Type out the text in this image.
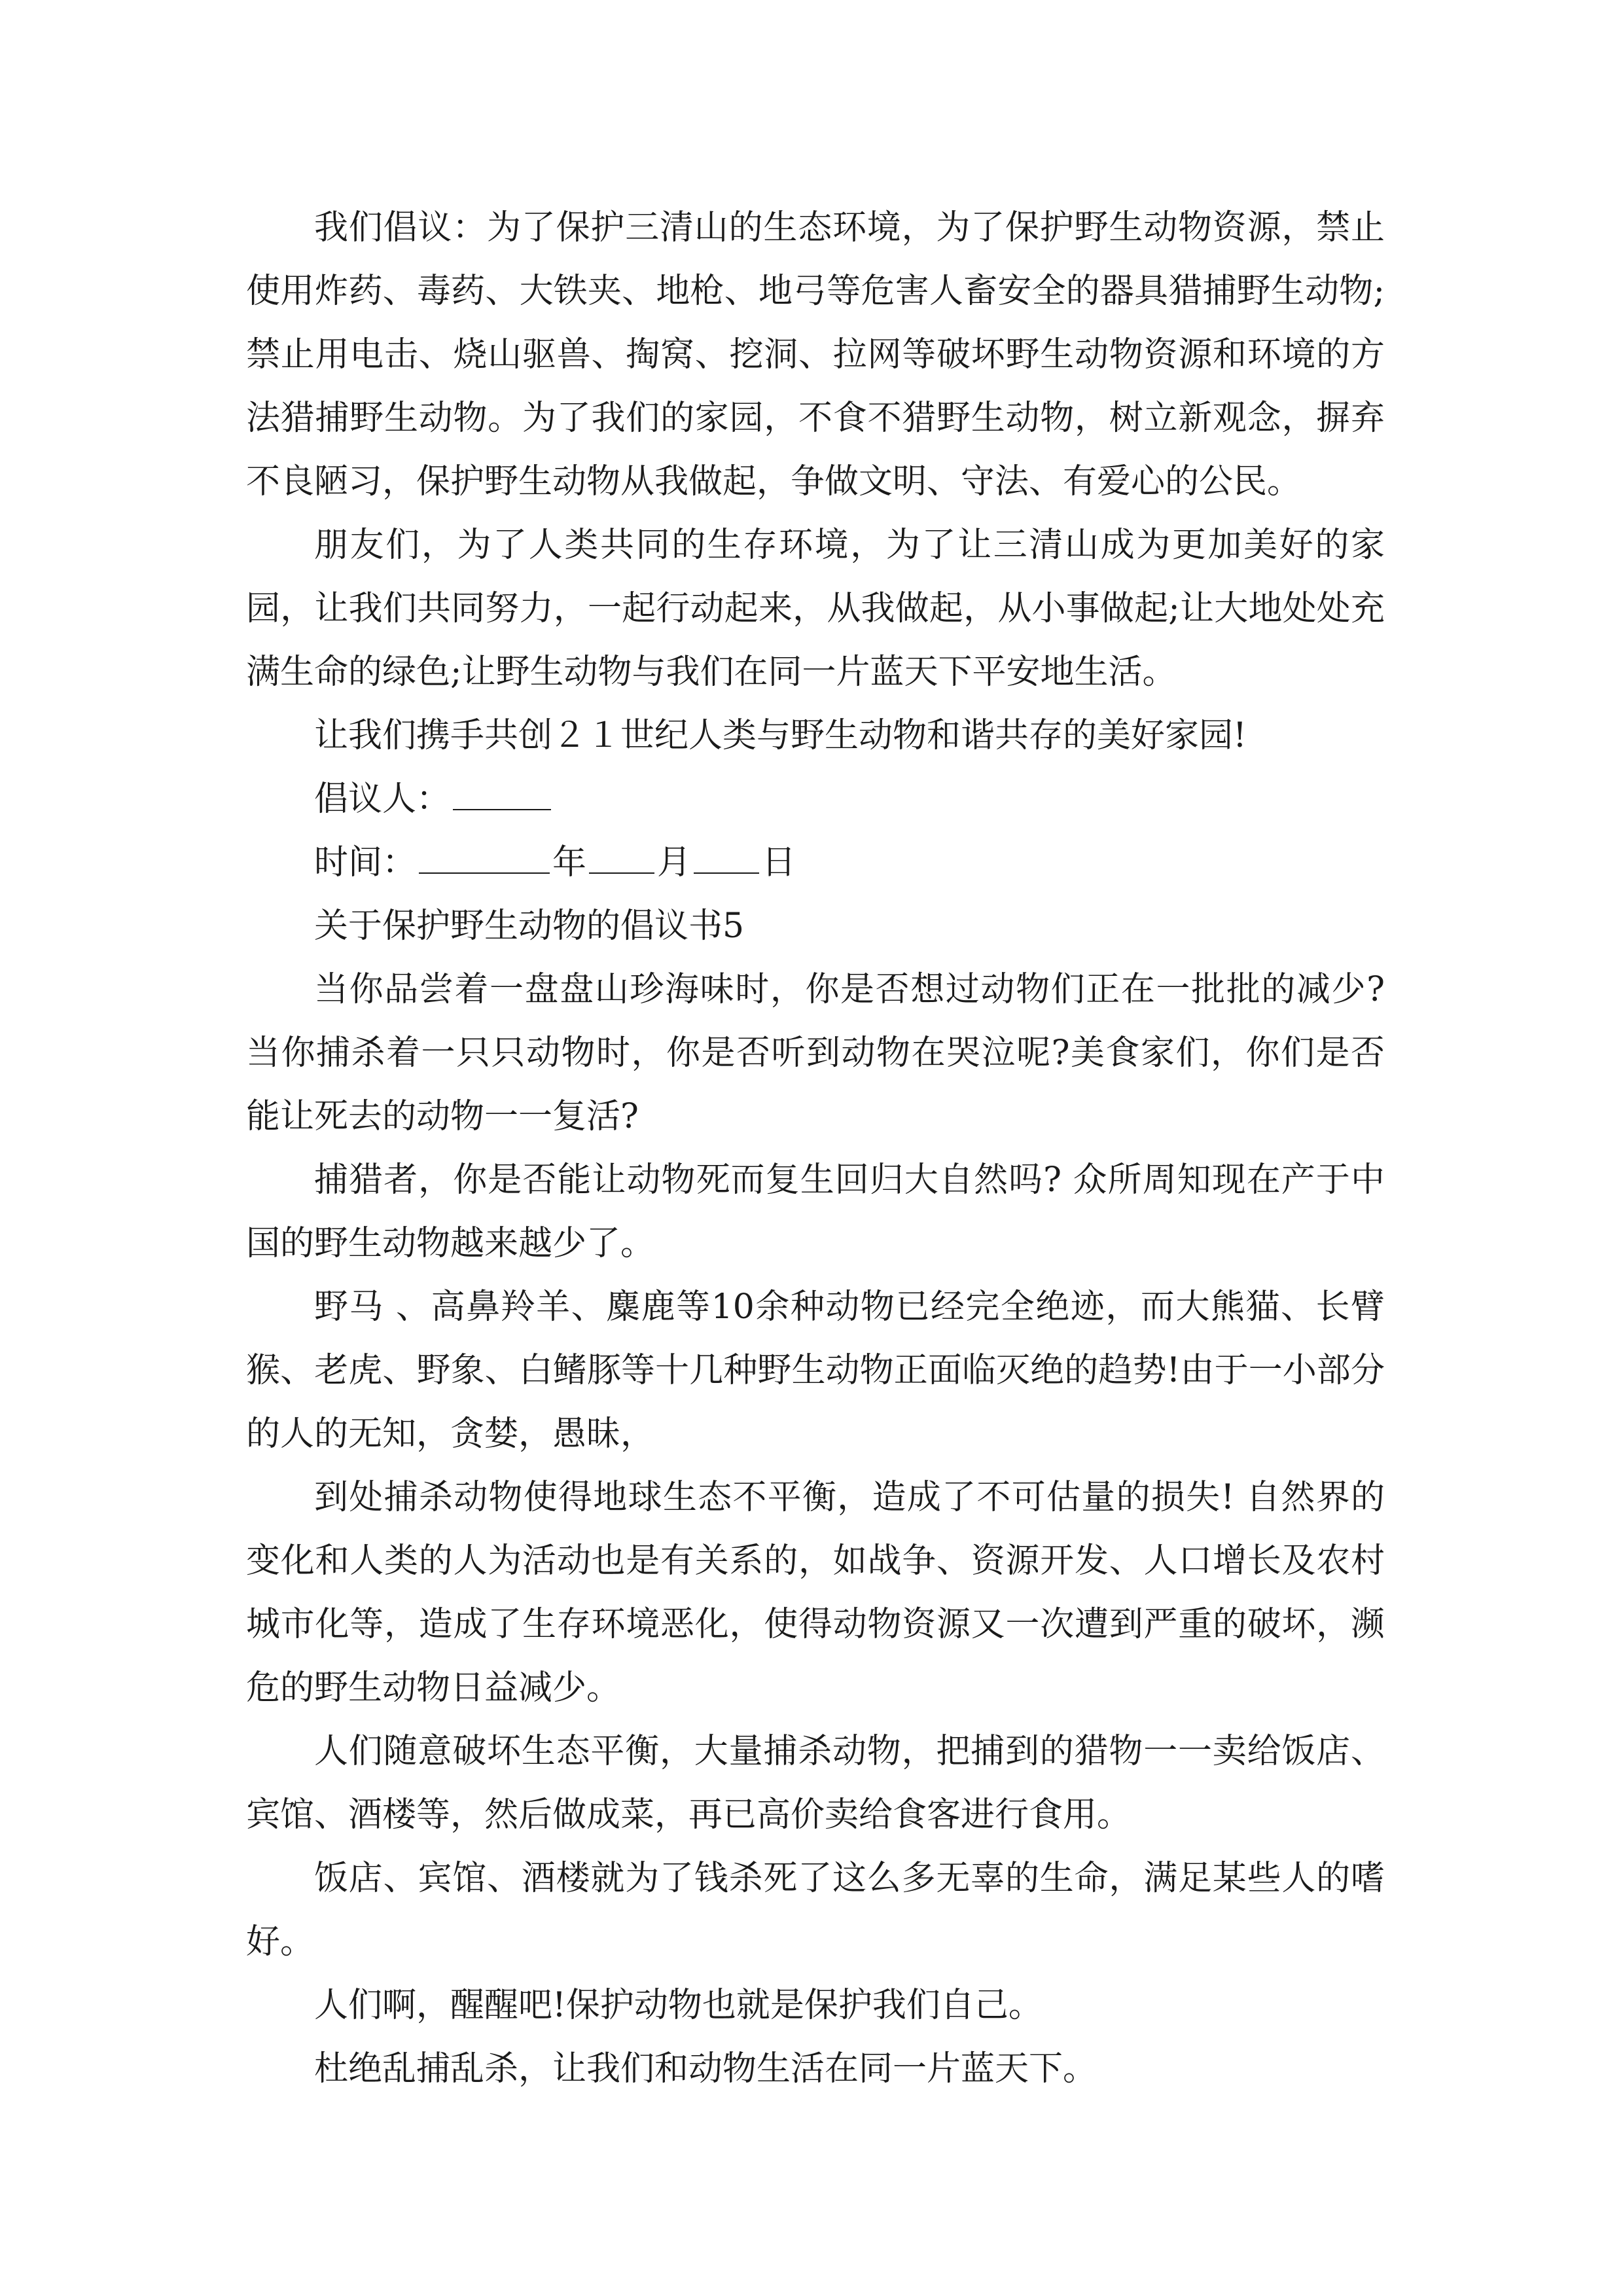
我们倡议：为了保护三清山的生态环境，为了保护野生动物资源，禁止使用炸药、毒药、大铁夹、地枪、地弓等危害人畜安全的器具猎捕野生动物;禁止用电击、烧山驱兽、掏窝、挖洞、拉网等破坏野生动物资源和环境的方法猎捕野生动物。为了我们的家园，不食不猎野生动物，树立新观念，摒弃不良陋习，保护野生动物从我做起，争做文明、守法、有爱心的公民。

朋友们，为了人类共同的生存环境，为了让三清山成为更加美好的家园，让我们共同努力，一起行动起来，从我做起，从小事做起;让大地处处充满生命的绿色;让野生动物与我们在同一片蓝天下平安地生活。

让我们携手共创２１世纪人类与野生动物和谐共存的美好家园!

倡议人：

时间：	年 月 日

关于保护野生动物的倡议书5

当你品尝着一盘盘山珍海味时，你是否想过动物们正在一批批的减少?当你捕杀着一只只动物时，你是否听到动物在哭泣呢?美食家们，你们是否能让死去的动物一一复活?

捕猎者，你是否能让动物死而复生回归大自然吗? 众所周知现在产于中国的野生动物越来越少了。

野马 、高鼻羚羊、麋鹿等10余种动物已经完全绝迹，而大熊猫、长臂猴、老虎、野象、白鳍豚等十几种野生动物正面临灭绝的趋势!由于一小部分的人的无知，贪婪，愚昧，

到处捕杀动物使得地球生态不平衡，造成了不可估量的损失! 自然界的变化和人类的人为活动也是有关系的，如战争、资源开发、人口增长及农村城市化等，造成了生存环境恶化，使得动物资源又一次遭到严重的破坏，濒危的野生动物日益减少。

人们随意破坏生态平衡，大量捕杀动物，把捕到的猎物一一卖给饭店、宾馆、酒楼等，然后做成菜，再已高价卖给食客进行食用。

饭店、宾馆、酒楼就为了钱杀死了这么多无辜的生命，满足某些人的嗜好。

人们啊，醒醒吧!保护动物也就是保护我们自己。

杜绝乱捕乱杀，让我们和动物生活在同一片蓝天下。
